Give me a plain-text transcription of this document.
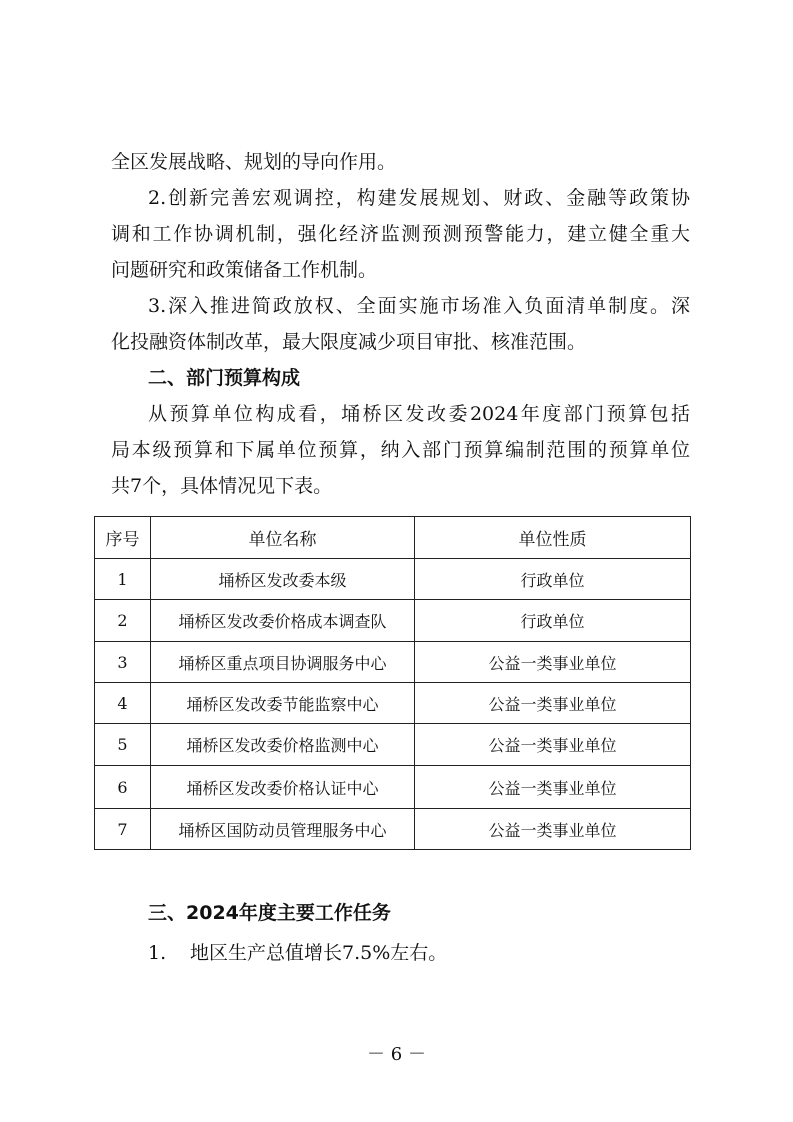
全区发展战略、规划的导向作用。
2.创新完善宏观调控，构建发展规划、财政、金融等政策协
调和工作协调机制，强化经济监测预测预警能力，建立健全重大
问题研究和政策储备工作机制。
3.深入推进简政放权、全面实施市场准入负面清单制度。深
化投融资体制改革，最大限度减少项目审批、核准范围。
二、部门预算构成
从预算单位构成看，埇桥区发改委2024年度部门预算包括
局本级预算和下属单位预算，纳入部门预算编制范围的预算单位
共7个，具体情况见下表。
序号	单位名称	单位性质
1	埇桥区发改委本级	行政单位
2	埇桥区发改委价格成本调查队	行政单位
3	埇桥区重点项目协调服务中心	公益一类事业单位
4	埇桥区发改委节能监察中心	公益一类事业单位
5	埇桥区发改委价格监测中心	公益一类事业单位
6	埇桥区发改委价格认证中心	公益一类事业单位
7	埇桥区国防动员管理服务中心	公益一类事业单位
三、2024年度主要工作任务
1. 地区生产总值增长7.5%左右。
－ 6 －
